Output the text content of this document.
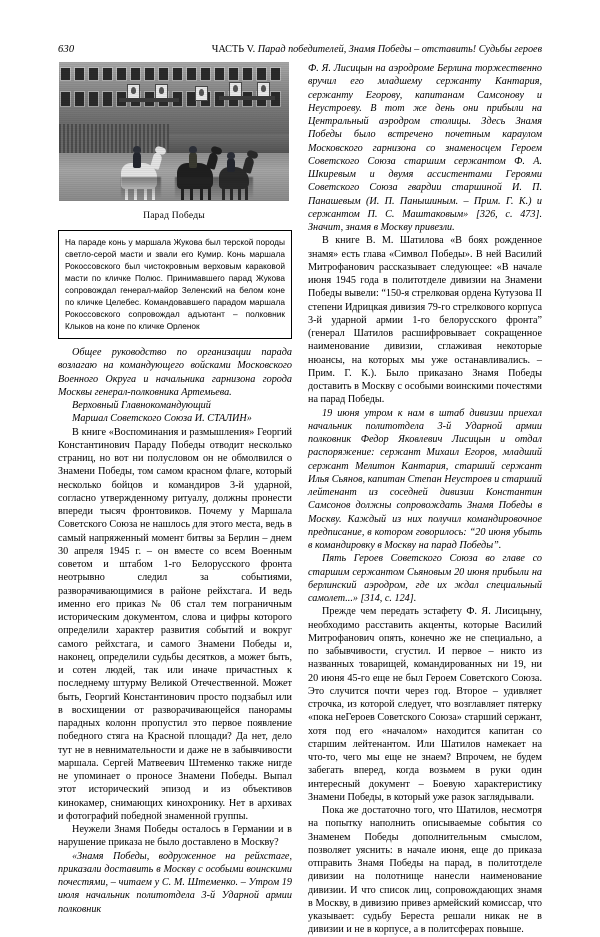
630	ЧАСТЬ V. Парад победителей, Знамя Победы – отставить! Судьбы героев
Парад Победы
На параде конь у маршала Жукова был терской породы светло-серой масти и звали его Кумир. Конь маршала Рокоссовского был чистокровным верховым караковой масти по кличке Полюс. Принимавшего парад Жукова сопровождал генерал-майор Зеленский на белом коне по кличке Целебес. Командовавшего парадом маршала Рокоссовского сопровождал адъютант – полковник Клыков на коне по кличке Орленок

Общее руководство по организации парада возлагаю на командующего войсками Московского Военного Округа и начальника гарнизона города Москвы генерал-полковника Артемьева.

Верховный Главнокомандующий

Маршал Советского Союза И. СТАЛИН»

В книге «Воспоминания и размышления» Георгий Константинович Параду Победы отводит несколько страниц, но вот ни полусловом он не обмолвился о Знамени Победы, том самом красном флаге, который несколько бойцов и командиров 3-й ударной, согласно утвержденному ритуалу, должны пронести впереди тысяч фронтовиков. Почему у Маршала Советского Союза не нашлось для этого места, ведь в самый напряженный момент битвы за Берлин – днем 30 апреля 1945 г. – он вместе со всем Военным советом и штабом 1-го Белорусского фронта неотрывно следил за событиями, разворачивающимися в районе рейхстага. И ведь именно его приказ № 06 стал тем пограничным историческим документом, слова и цифры которого определили характер развития событий и вокруг самого рейхстага, и самого Знамени Победы и, наконец, определили судьбы десятков, а может быть, и сотен людей, так или иначе причастных к последнему штурму Великой Отечественной. Может быть, Георгий Константинович просто подзабыл или в восхищении от разворачивающейся панорамы парадных колонн пропустил это первое появление победного стяга на Красной площади? Да нет, дело тут не в невнимательности и даже не в забывчивости маршала. Сергей Матвеевич Штеменко также нигде не упоминает о проносе Знамени Победы. Выпал этот исторический эпизод и из объективов кинокамер, снимающих кинохронику. Нет в архивах и фотографий победной знаменной группы.

Неужели Знамя Победы осталось в Германии и в нарушение приказа не было доставлено в Москву?

«Знамя Победы, водруженное на рейхстаге, приказали доставить в Москву с особыми воинскими почестями, – читаем у С. М. Штеменко. – Утром 19 июля начальник политотдела 3-й Ударной армии полковник

Ф. Я. Лисицын на аэродроме Берлина торжественно вручил его младшему сержанту Кантария, сержанту Егорову, капитанам Самсонову и Неустроеву. В тот же день они прибыли на Центральный аэродром столицы. Здесь Знамя Победы было встречено почетным караулом Московского гарнизона со знаменосцем Героем Советского Союза старшим сержантом Ф. А. Шкиревым и двумя ассистентами Героями Советского Союза гвардии старшиной И. П. Панашевым (И. П. Панышиным. – Прим. Г. К.) и сержантом П. С. Маштаковым» [326, с. 473]. Значит, знамя в Москву привезли.

В книге В. М. Шатилова «В боях рожденное знамя» есть глава «Символ Победы». В ней Василий Митрофанович рассказывает следующее: «В начале июня 1945 года в политотделе дивизии на Знамени Победы вывели: “150-я стрелковая ордена Кутузова II степени Идрицкая дивизия 79-го стрелкового корпуса 3-й ударной армии 1-го белорусского фронта” (генерал Шатилов расшифровывает сокращенное наименование дивизии, сглаживая некоторые нюансы, на которых мы уже останавливались. – Прим. Г. К.). Было приказано Знамя Победы доставить в Москву с особыми воинскими почестями на парад Победы.

19 июня утром к нам в штаб дивизии приехал начальник политотдела 3-й Ударной армии полковник Федор Яковлевич Лисицын и отдал распоряжение: сержант Михаил Егоров, младший сержант Мелитон Кантария, старший сержант Илья Сьянов, капитан Степан Неустроев и старший лейтенант из соседней дивизии Константин Самсонов должны сопровождать Знамя Победы в Москву. Каждый из них получил командировочное предписание, в котором говорилось: “20 июня убыть в командировку в Москву на парад Победы”.

Пять Героев Советского Союза во главе со старшим сержантом Сьяновым 20 июня прибыли на берлинский аэродром, где их ждал специальный самолет...» [314, с. 124].

Прежде чем передать эстафету Ф. Я. Лисицыну, необходимо расставить акценты, которые Василий Митрофанович опять, конечно же не специально, а по забывчивости, сгустил. И первое – никто из названных товарищей, командированных ни 19, ни 20 июня 45-го еще не был Героем Советского Союза. Это случится почти через год. Второе – удивляет строчка, из которой следует, что возглавляет пятерку «пока неГероев Советского Союза» старший сержант, хотя под его «началом» находится капитан со старшим лейтенантом. Или Шатилов намекает на что-то, чего мы еще не знаем? Впрочем, не будем забегать вперед, когда возьмем в руки один интересный документ – Боевую характеристику Знамени Победы, в который уже разок заглядывали.

Пока же достаточно того, что Шатилов, несмотря на попытку наполнить описываемые события со Знаменем Победы дополнительным смыслом, позволяет уяснить: в начале июня, еще до приказа отправить Знамя Победы на парад, в политотделе дивизии на полотнище нанесли наименование дивизии. И что список лиц, сопровождающих знамя в Москву, в дивизию привез армейский комиссар, что указывает: судьбу Береста решали никак не в дивизии и не в корпусе, а в политсферах повыше.
